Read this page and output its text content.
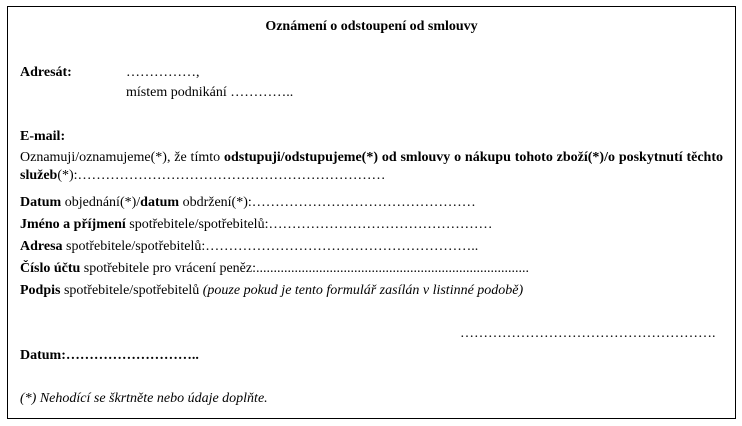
Oznámení o odstoupení od smlouvy
Adresát:	……………,
místem podnikání …………..
E-mail:
Oznamuji/oznamujeme(*), že tímto odstupuji/odstupujeme(*) od smlouvy o nákupu tohoto zboží(*)/o poskytnutí těchto služeb(*):…………………………………………………………
Datum objednání(*)/datum obdržení(*):…………………………………………
Jméno a příjmení spotřebitele/spotřebitelů:…………………………………………
Adresa spotřebitele/spotřebitelů:…………………………………………………..
Číslo účtu spotřebitele pro vrácení peněz:..............................................................................
Podpis spotřebitele/spotřebitelů (pouze pokud je tento formulář zasílán v listinné podobě)
……………………………………………….
Datum:………………………..
(*) Nehodící se škrtněte nebo údaje doplňte.
